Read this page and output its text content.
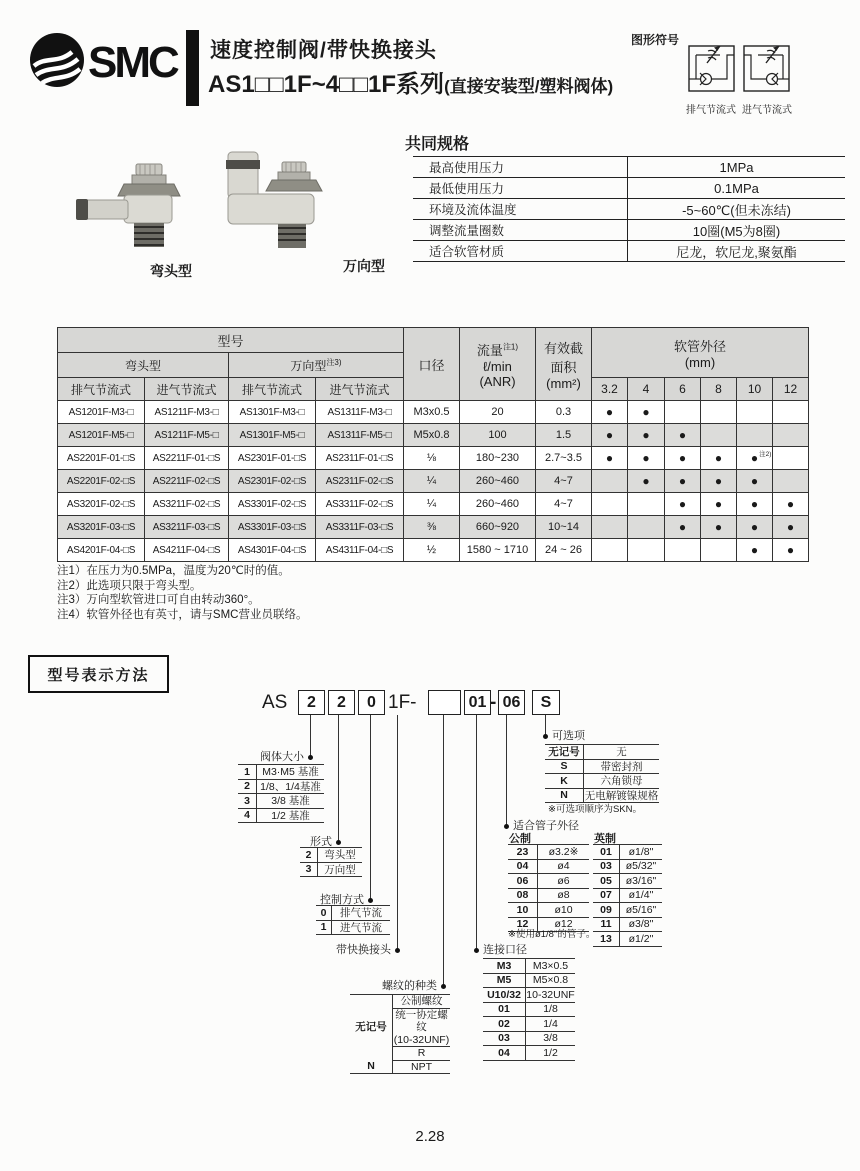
SMC 速度控制阀/带快换接头
AS1□□1F~4□□1F系列(直接安装型/塑料阀体)
图形符号
排气节流式 进气节流式
弯头型	万向型
共同规格
最高使用压力	1MPa
最低使用压力	0.1MPa
环境及流体温度	-5~60℃(但未冻结)
调整流量圈数	10圈(M5为8圈)
适合软管材质	尼龙，软尼龙,聚氨酯
型号				口径	流量$^{注1)}$
ℓ/min
(ANR)	有效截
面积
(mm²)	软管外径
(mm)					
弯头型		万向型$^{注3)}$
排气节流式	进气节流式	排气节流式	进气节流式				3.2	4	6	8	10	12
AS1201F-M3-□	AS1211F-M3-□	AS1301F-M3-□	AS1311F-M3-□	M3x0.5	20	0.3	●	●				
AS1201F-M5-□	AS1211F-M5-□	AS1301F-M5-□	AS1311F-M5-□	M5x0.8	100	1.5	●	●	●			
AS2201F-01-□S	AS2211F-01-□S	AS2301F-01-□S	AS2311F-01-□S	⅛	180~230	2.7~3.5	●	●	●	●	● 注2)	

AS2201F-02-□S	AS2211F-02-□S	AS2301F-02-□S	AS2311F-02-□S	¼	260~460	4~7		●	●	●	●	
AS3201F-02-□S	AS3211F-02-□S	AS3301F-02-□S	AS3311F-02-□S	¼	260~460	4~7			●	●	●	●
AS3201F-03-□S	AS3211F-03-□S	AS3301F-03-□S	AS3311F-03-□S	⅜	660~920	10~14			●	●	●	●
AS4201F-04-□S	AS4211F-04-□S	AS4301F-04-□S	AS4311F-04-□S	½	1580 ~ 1710	24 ~ 26					●	●
注1）在压力为0.5MPa，温度为20℃时的值。
注2）此选项只限于弯头型。
注3）万向型软管进口可自由转动360°。
注4）软管外径也有英寸，请与SMC营业员联络。
型号表示方法
AS	2	2	0 1F-	01 - 06	S
阀体大小
形式
控制方式
带快换接头
螺纹的种类
连接口径
适合管子外径
可选项
1	M3·M5 基准
2 1/8、1/4基准
3	3/8 基准
4	1/2 基准
2	弯头型
3	万向型
0	排气节流
1	进气节流
无记号	无
S	带密封剂
K	六角锁母
N	无电解镀镍规格
※可选项顺序为SKN。
公制	英制
23	ø3.2※
04	ø4
06	ø6
08	ø8
10	ø10
12	ø12
01	ø1/8"
03	ø5/32"
05	ø3/16"
07	ø1/4"
09	ø5/16"
11	ø3/8"
13	ø1/2"
※使用ø1/8"的管子。
M3	M3×0.5
M5	M5×0.8
U10/32 10-32UNF
01	1/8
02	1/4
03	3/8
04	1/2
无记号	公制螺纹
	统一协定螺纹
(10-32UNF)
	R
N	NPT
2.28
